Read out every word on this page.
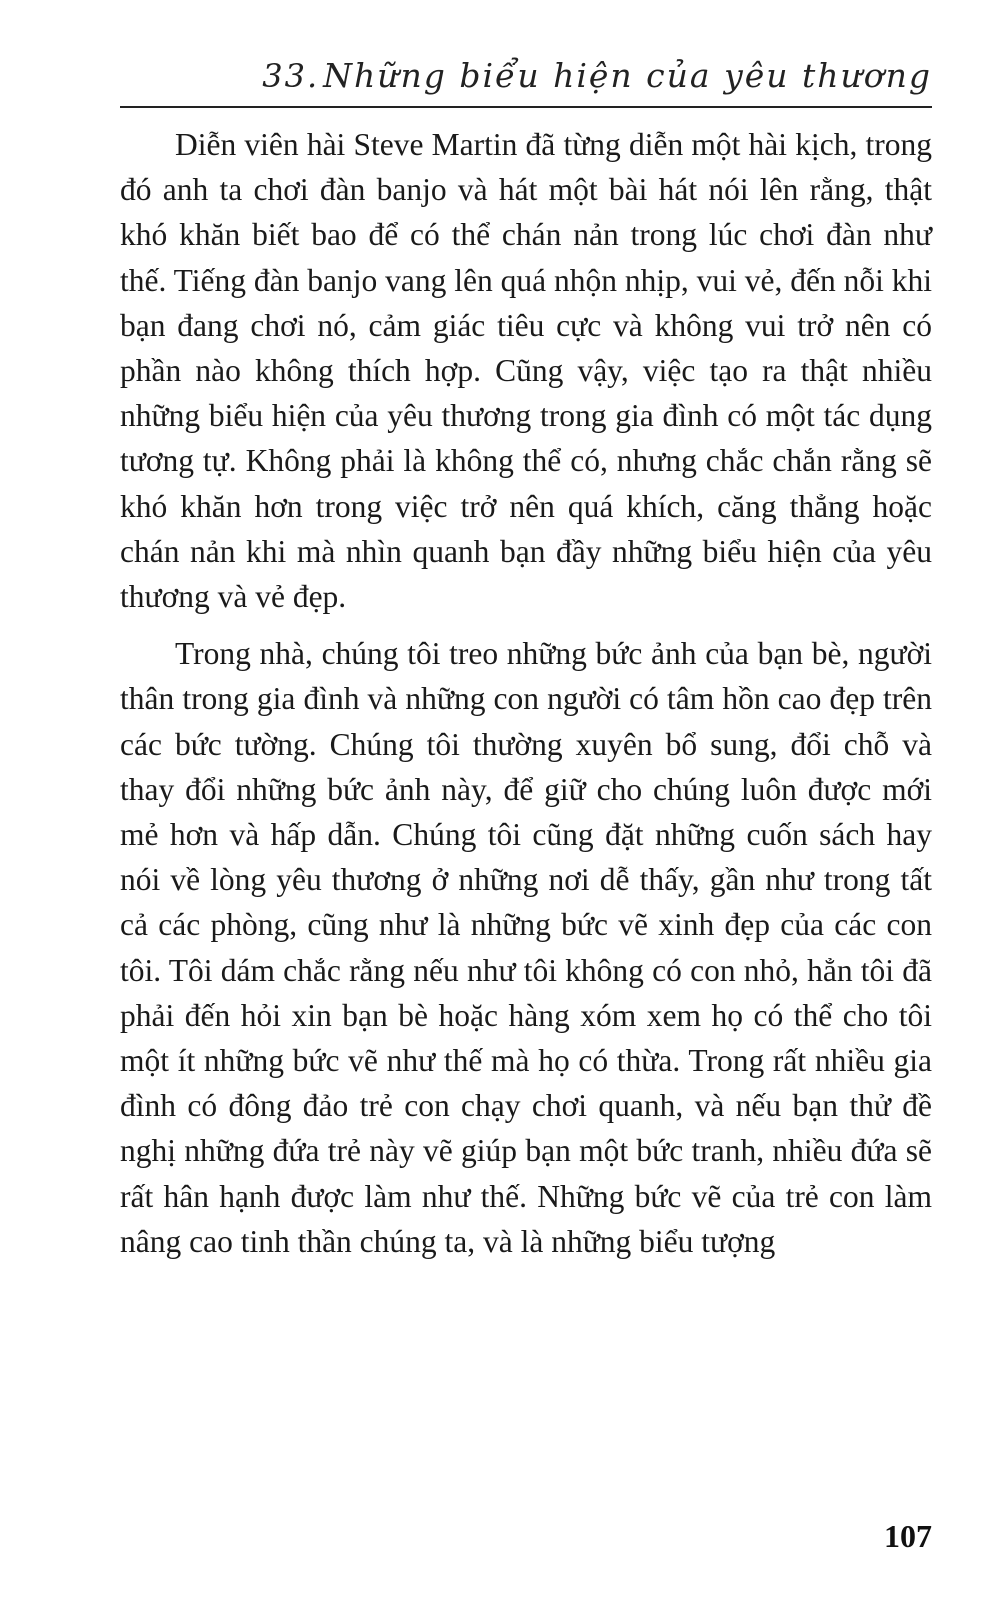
33. Những biểu hiện của yêu thương

Diễn viên hài Steve Martin đã từng diễn một hài kịch, trong đó anh ta chơi đàn banjo và hát một bài hát nói lên rằng, thật khó khăn biết bao để có thể chán nản trong lúc chơi đàn như thế. Tiếng đàn banjo vang lên quá nhộn nhịp, vui vẻ, đến nỗi khi bạn đang chơi nó, cảm giác tiêu cực và không vui trở nên có phần nào không thích hợp. Cũng vậy, việc tạo ra thật nhiều những biểu hiện của yêu thương trong gia đình có một tác dụng tương tự. Không phải là không thể có, nhưng chắc chắn rằng sẽ khó khăn hơn trong việc trở nên quá khích, căng thẳng hoặc chán nản khi mà nhìn quanh bạn đầy những biểu hiện của yêu thương và vẻ đẹp.

Trong nhà, chúng tôi treo những bức ảnh của bạn bè, người thân trong gia đình và những con người có tâm hồn cao đẹp trên các bức tường. Chúng tôi thường xuyên bổ sung, đổi chỗ và thay đổi những bức ảnh này, để giữ cho chúng luôn được mới mẻ hơn và hấp dẫn. Chúng tôi cũng đặt những cuốn sách hay nói về lòng yêu thương ở những nơi dễ thấy, gần như trong tất cả các phòng, cũng như là những bức vẽ xinh đẹp của các con tôi. Tôi dám chắc rằng nếu như tôi không có con nhỏ, hẳn tôi đã phải đến hỏi xin bạn bè hoặc hàng xóm xem họ có thể cho tôi một ít những bức vẽ như thế mà họ có thừa. Trong rất nhiều gia đình có đông đảo trẻ con chạy chơi quanh, và nếu bạn thử đề nghị những đứa trẻ này vẽ giúp bạn một bức tranh, nhiều đứa sẽ rất hân hạnh được làm như thế. Những bức vẽ của trẻ con làm nâng cao tinh thần chúng ta, và là những biểu tượng

107
